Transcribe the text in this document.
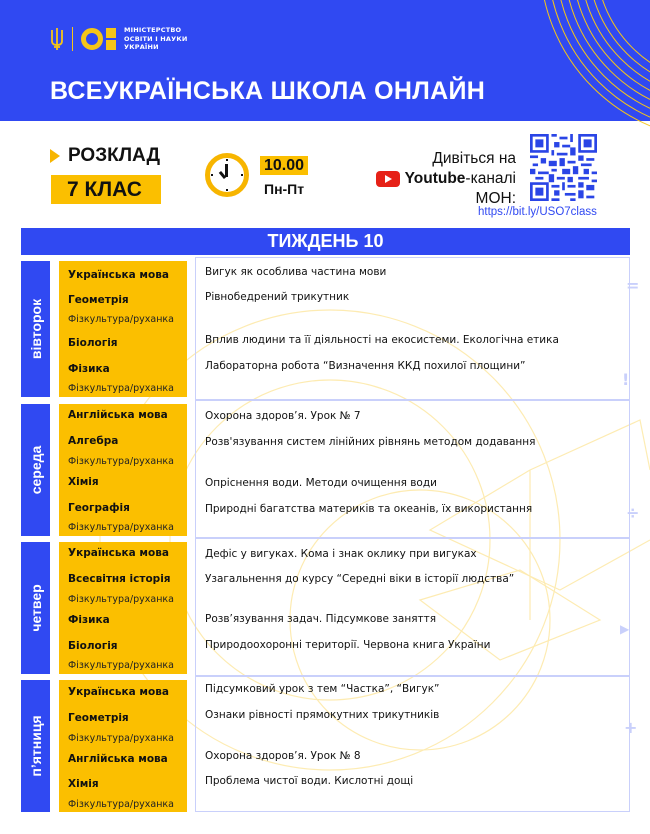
МІНІСТЕРСТВО
ОСВІТИ І НАУКИ
УКРАЇНИ
ВСЕУКРАЇНСЬКА ШКОЛА ОНЛАЙН
РОЗКЛАД
7 КЛАС
10.00
Пн-Пт
Дивіться на
Youtube -каналі
МОН:
https://bit.ly/USO7class
ТИЖДЕНЬ 10
вівторок
Українська мова
Геометрія
Фізкультура/руханка
Біологія
Фізика
Фізкультура/руханка
Вигук як особлива частина мови
Рівнобедрений трикутник
Вплив людини та її діяльності на екосистеми. Екологічна етика
Лабораторна робота “Визначення ККД похилої площини”
середа
Англійська мова
Алгебра
Фізкультура/руханка
Хімія
Географія
Фізкультура/руханка
Охорона здоров’я. Урок № 7
Розв'язування систем лінійних рівнянь методом додавання
Опріснення води. Методи очищення води
Природні багатства материків та океанів, їх використання
четвер
Українська мова
Всесвітня історія
Фізкультура/руханка
Фізика
Біологія
Фізкультура/руханка
Дефіс у вигуках. Кома і знак оклику при вигуках
Узагальнення до курсу “Середні віки в історії людства”
Розв’язування задач. Підсумкове заняття
Природоохоронні території. Червона книга України
п’ятниця
Українська мова
Геометрія
Фізкультура/руханка
Англійська мова
Хімія
Фізкультура/руханка
Підсумковий урок з тем “Частка”, “Вигук”
Ознаки рівності прямокутних трикутників
Охорона здоров’я. Урок № 8
Проблема чистої води. Кислотні дощі
=
!
÷
▶
+
